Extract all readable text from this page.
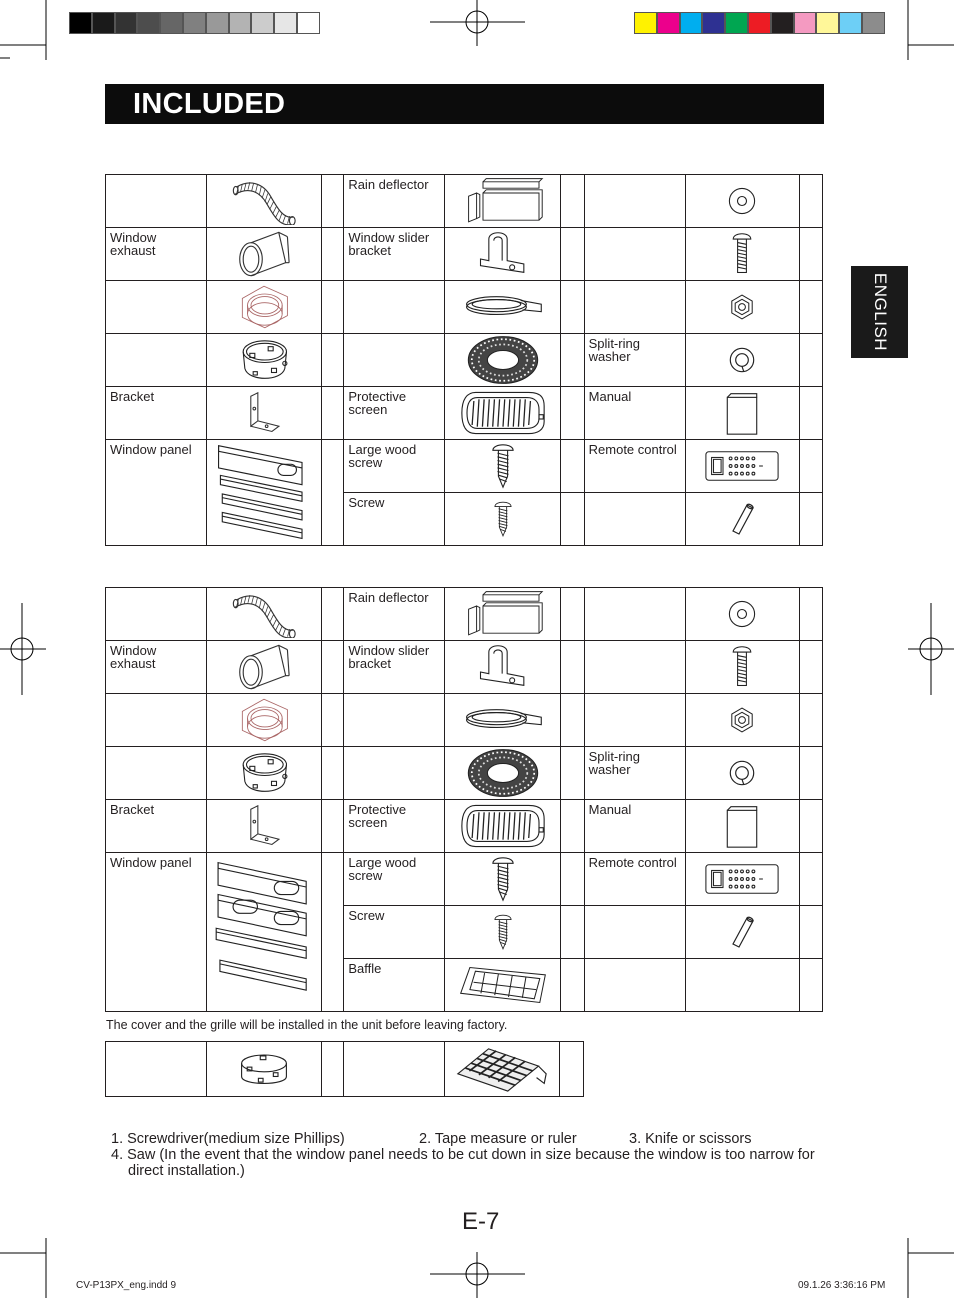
INCLUDED
ENGLISH
			Rain deflector					
Window exhaust			Window slider bracket					

						Split-ring washer		
Bracket			Protective screen			Manual		
Window panel			Large wood screw			Remote control		
			Screw					
			Rain deflector					
Window exhaust			Window slider bracket					

						Split-ring washer		
Bracket			Protective screen			Manual		
Window panel			Large wood screw			Remote control		
			Screw					
			Baffle					
The cover and the grille will be installed in the unit before leaving factory.

1. Screwdriver(medium size Phillips)	2. Tape measure or ruler	3. Knife or scissors
4. Saw (In the event that the window panel needs to be cut down in size because the window is too narrow for
direct installation.)
E-7
CV-P13PX_eng.indd 9	09.1.26 3:36:16 PM
